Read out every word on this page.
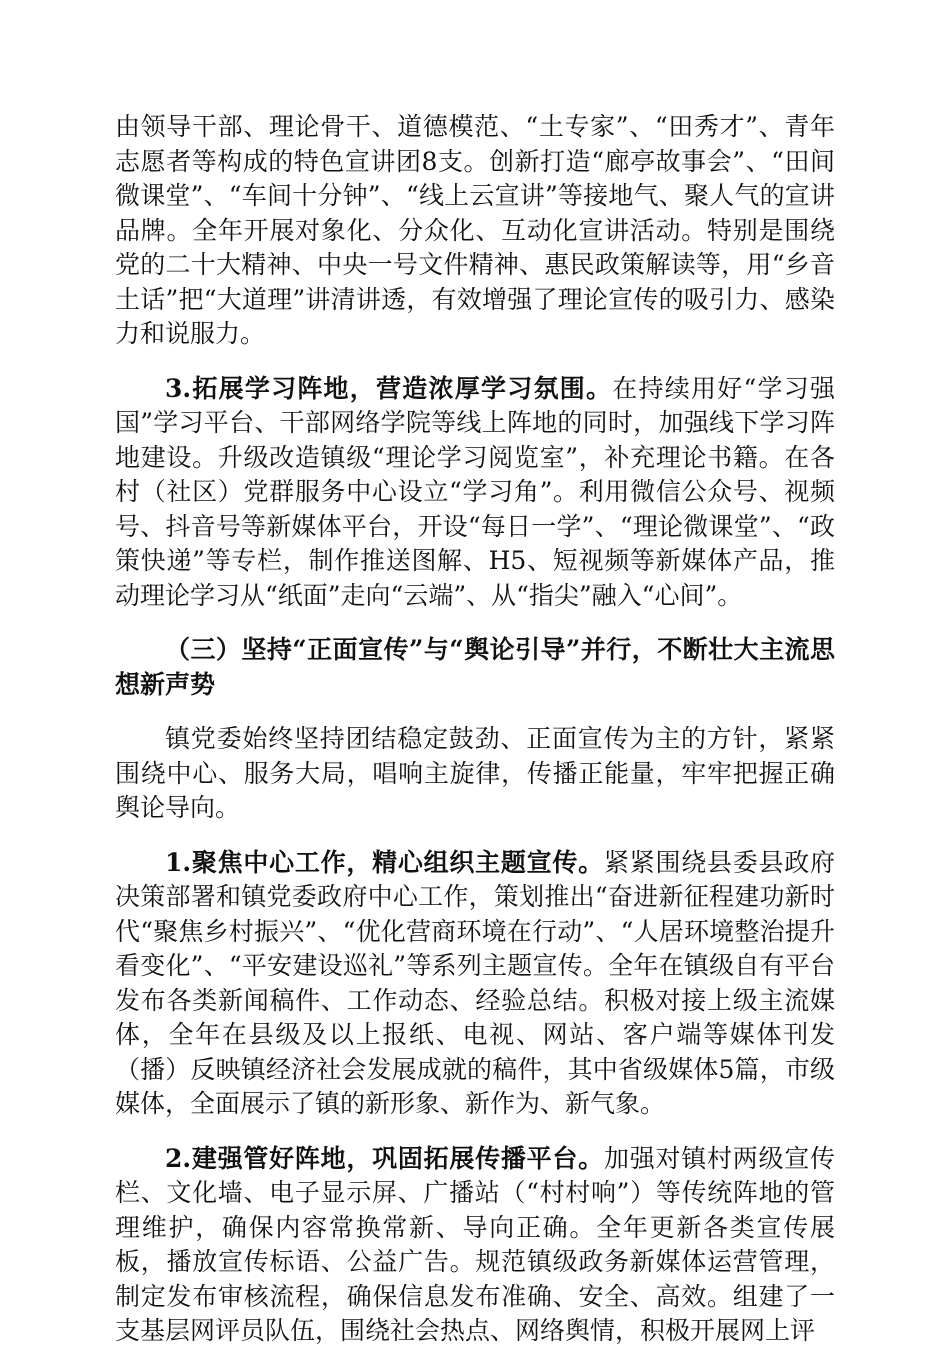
由领导干部、理论骨干、道德模范、“土专家”、“田秀才”、青年志愿者等构成的特色宣讲团8支。创新打造“廊亭故事会”、“田间微课堂”、“车间十分钟”、“线上云宣讲”等接地气、聚人气的宣讲品牌。全年开展对象化、分众化、互动化宣讲活动。特别是围绕党的二十大精神、中央一号文件精神、惠民政策解读等，用“乡音土话”把“大道理”讲清讲透，有效增强了理论宣传的吸引力、感染力和说服力。

3.拓展学习阵地，营造浓厚学习氛围。在持续用好“学习强国”学习平台、干部网络学院等线上阵地的同时，加强线下学习阵地建设。升级改造镇级“理论学习阅览室”，补充理论书籍。在各村（社区）党群服务中心设立“学习角”。利用微信公众号、视频号、抖音号等新媒体平台，开设“每日一学”、“理论微课堂”、“政策快递”等专栏，制作推送图解、H5、短视频等新媒体产品，推动理论学习从“纸面”走向“云端”、从“指尖”融入“心间”。

（三）坚持“正面宣传”与“舆论引导”并行，不断壮大主流思想新声势

镇党委始终坚持团结稳定鼓劲、正面宣传为主的方针，紧紧围绕中心、服务大局，唱响主旋律，传播正能量，牢牢把握正确舆论导向。

1.聚焦中心工作，精心组织主题宣传。紧紧围绕县委县政府决策部署和镇党委政府中心工作，策划推出“奋进新征程建功新时代“聚焦乡村振兴”、“优化营商环境在行动”、“人居环境整治提升看变化”、“平安建设巡礼”等系列主题宣传。全年在镇级自有平台发布各类新闻稿件、工作动态、经验总结。积极对接上级主流媒体，全年在县级及以上报纸、电视、网站、客户端等媒体刊发（播）反映镇经济社会发展成就的稿件，其中省级媒体5篇，市级媒体，全面展示了镇的新形象、新作为、新气象。

2.建强管好阵地，巩固拓展传播平台。加强对镇村两级宣传栏、文化墙、电子显示屏、广播站（“村村响”）等传统阵地的管理维护，确保内容常换常新、导向正确。全年更新各类宣传展板，播放宣传标语、公益广告。规范镇级政务新媒体运营管理，制定发布审核流程，确保信息发布准确、安全、高效。组建了一支基层网评员队伍，围绕社会热点、网络舆情，积极开展网上评
